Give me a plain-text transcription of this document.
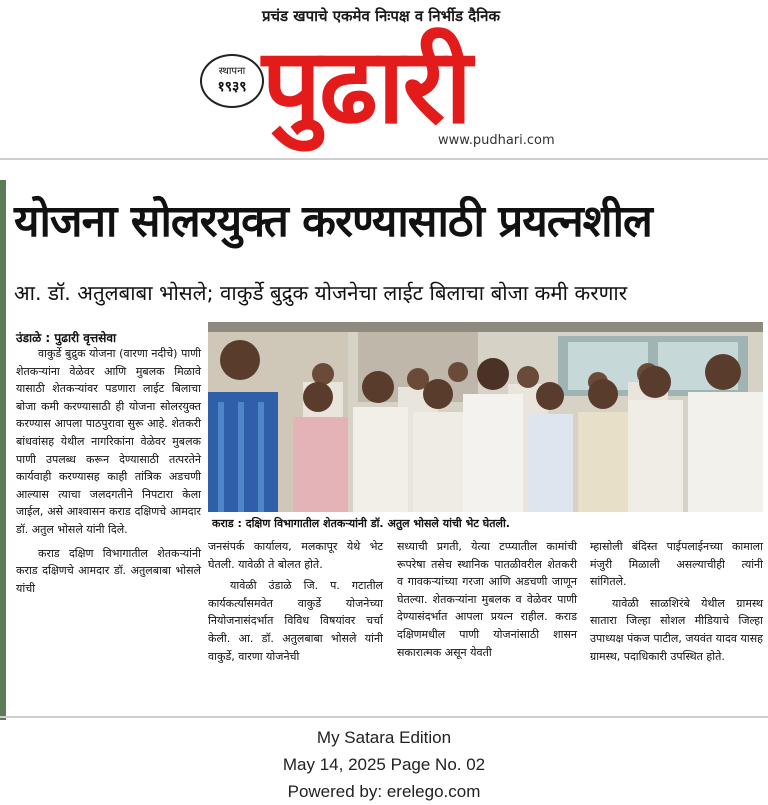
प्रचंड खपाचे एकमेव निःपक्ष व निर्भीड दैनिक
स्थापना
१९३९ पुढारी
www.pudhari.com
योजना सोलरयुक्त करण्यासाठी प्रयत्नशील
आ. डॉ. अतुलबाबा भोसले; वाकुर्डे बुद्रुक योजनेचा लाईट बिलाचा बोजा कमी करणार
उंडाळे : पुढारी वृत्तसेवा

वाकुर्डे बुद्रुक योजना (वारणा नदीचे) पाणी शेतकऱ्यांना वेळेवर आणि मुबलक मिळावे यासाठी शेतकऱ्यांवर पडणारा लाईट बिलाचा बोजा कमी करण्यासाठी ही योजना सोलरयुक्त करण्यास आपला पाठपुरावा सुरू आहे. शेतकरी बांधवांसह येथील नागरिकांना वेळेवर मुबलक पाणी उपलब्ध करून देण्यासाठी तत्परतेने कार्यवाही करण्यासह काही तांत्रिक अडचणी आल्यास त्याचा जलदगतीने निपटारा केला जाईल, असे आश्वासन कराड दक्षिणचे आमदार डॉ. अतुल भोसले यांनी दिले.

कराड दक्षिण विभागातील शेतकऱ्यांनी कराड दक्षिणचे आमदार डॉ. अतुलबाबा भोसले यांची

कराड : दक्षिण विभागातील शेतकऱ्यांनी डॉ. अतुल भोसले यांची भेट घेतली.

जनसंपर्क कार्यालय, मलकापूर येथे भेट घेतली. यावेळी ते बोलत होते.

यावेळी उंडाळे जि. प. गटातील कार्यकर्त्यांसमवेत वाकुर्डे योजनेच्या नियोजनासंदर्भात विविध विषयांवर चर्चा केली. आ. डॉ. अतुलबाबा भोसले यांनी वाकुर्डे, वारणा योजनेची

सध्याची प्रगती, येत्या टप्प्यातील कामांची रूपरेषा तसेच स्थानिक पातळीवरील शेतकरी व गावकऱ्यांच्या गरजा आणि अडचणी जाणून घेतल्या. शेतकऱ्यांना मुबलक व वेळेवर पाणी देण्यासंदर्भात आपला प्रयत्न राहील. कराड दक्षिणमधील पाणी योजनांसाठी शासन सकारात्मक असून येवती

म्हासोली बंदिस्त पाईपलाईनच्या कामाला मंजुरी मिळाली असल्याचीही त्यांनी सांगितले.

यावेळी साळशिरंबे येथील ग्रामस्थ सातारा जिल्हा सोशल मीडियाचे जिल्हा उपाध्यक्ष पंकज पाटील, जयवंत यादव यासह ग्रामस्थ, पदाधिकारी उपस्थित होते.

My Satara Edition
May 14, 2025 Page No. 02
Powered by: erelego.com
